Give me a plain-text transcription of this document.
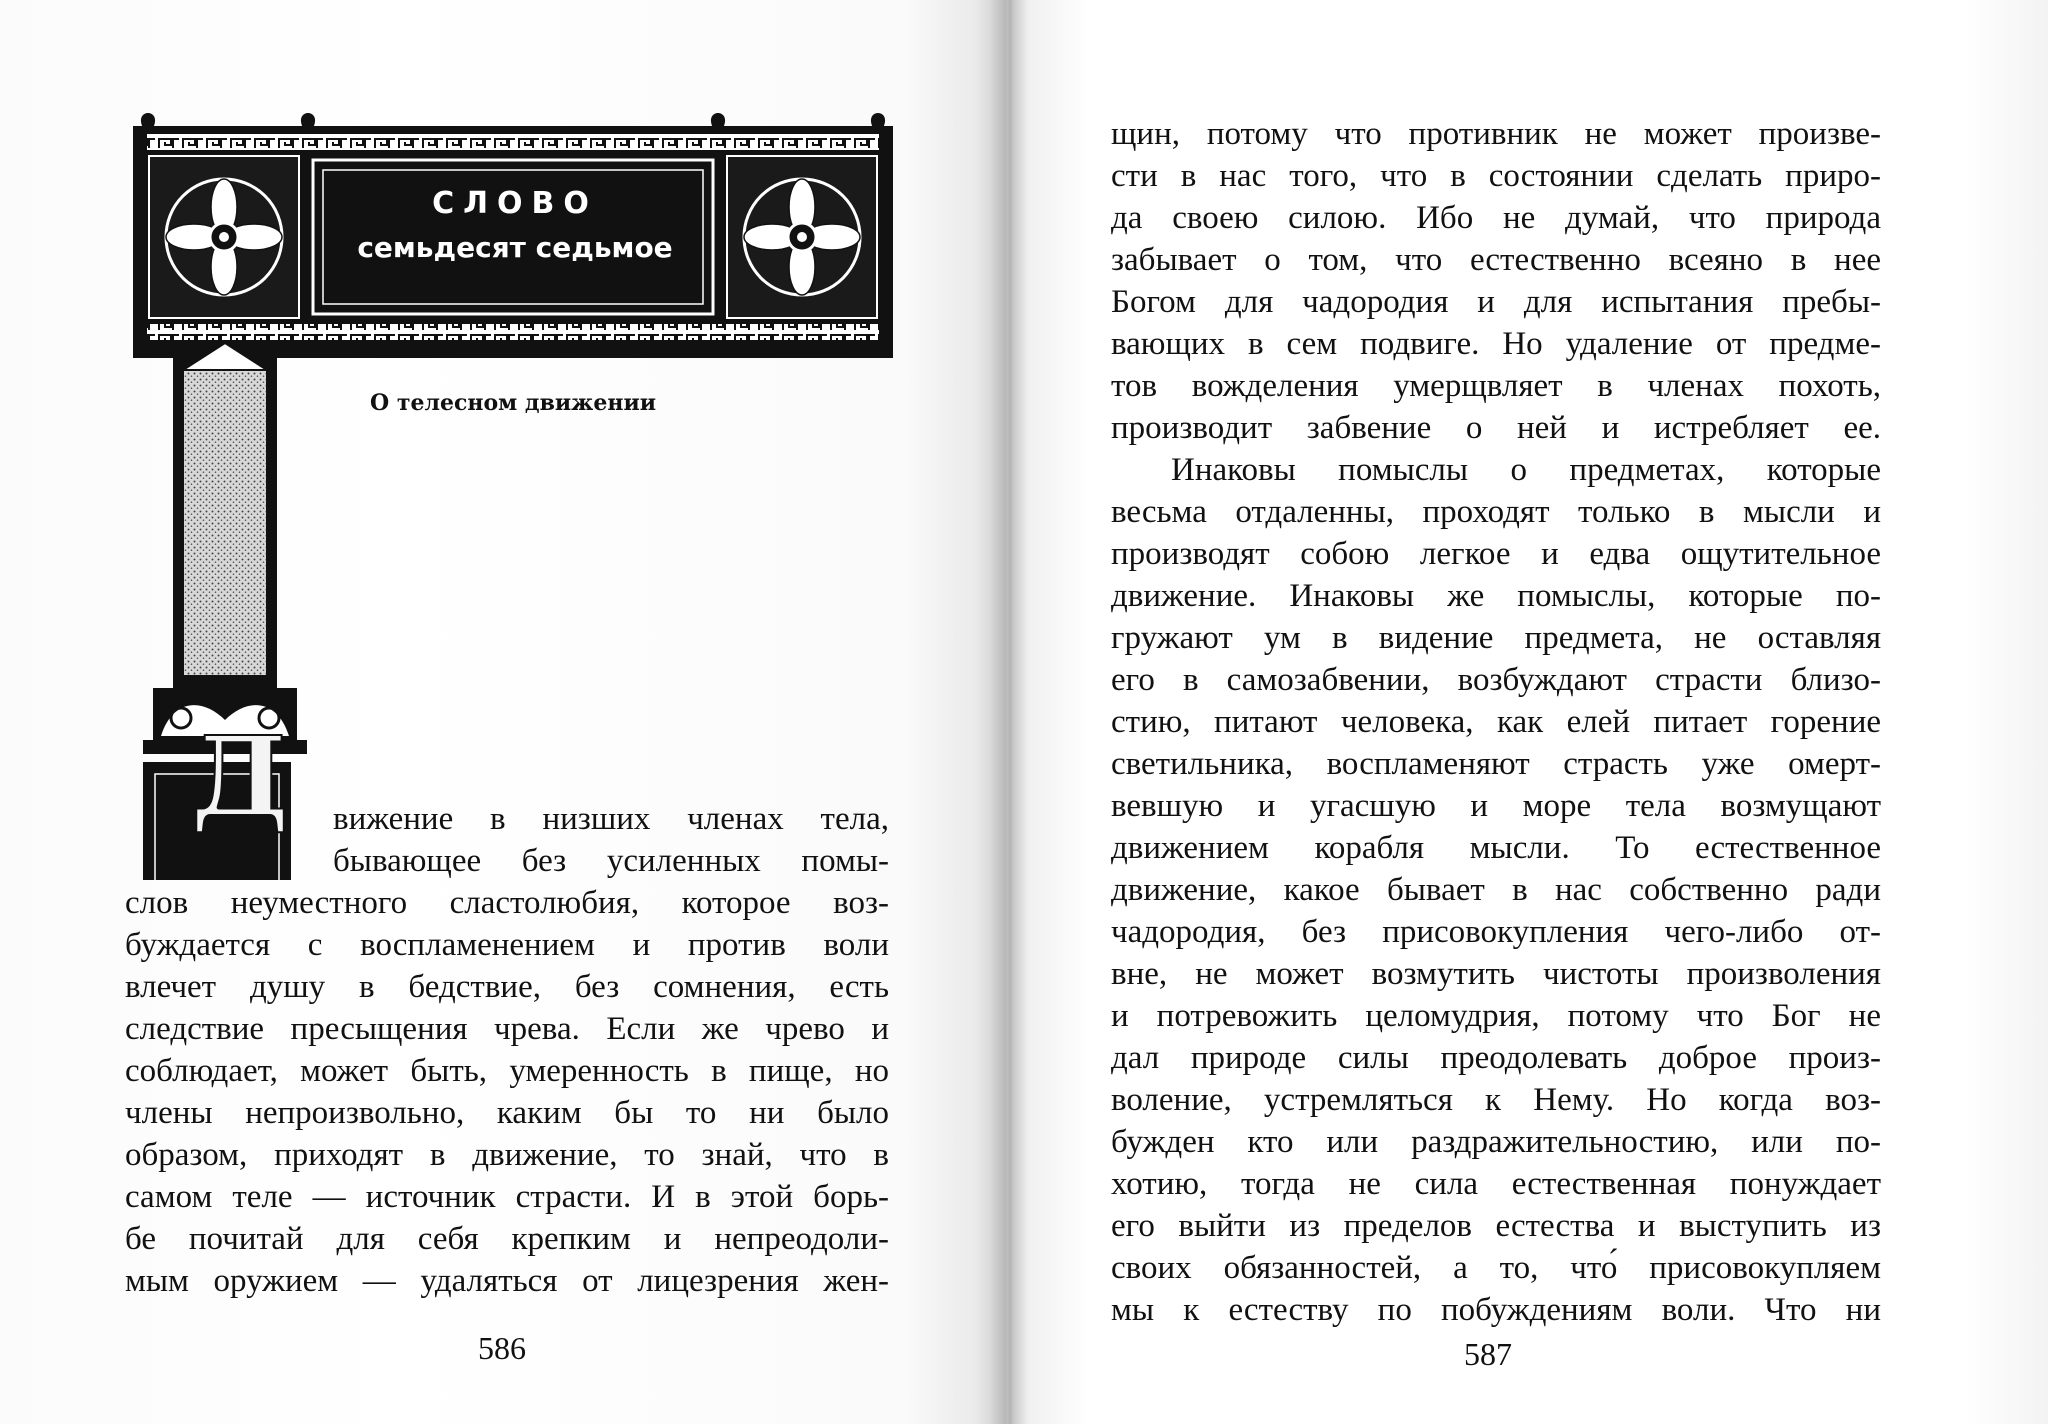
СЛОВО
семьдесят седьмое
О телесном движении
Д вижение в низших членах тела,
бывающее без усиленных помы-
слов неуместного сластолюбия, которое воз-
буждается с воспламенением и против воли
влечет душу в бедствие, без сомнения, есть
следствие пресыщения чрева. Если же чрево и
соблюдает, может быть, умеренность в пище, но
члены непроизвольно, каким бы то ни было
образом, приходят в движение, то знай, что в
самом теле — источник страсти. И в этой борь-
бе почитай для себя крепким и непреодоли-
мым оружием — удаляться от лицезрения жен-
586
щин, потому что противник не может произве-
сти в нас того, что в состоянии сделать приро-
да своею силою. Ибо не думай, что природа
забывает о том, что естественно всеяно в нее
Богом для чадородия и для испытания пребы-
вающих в сем подвиге. Но удаление от предме-
тов вожделения умерщвляет в членах похоть,
производит забвение о ней и истребляет ее.
Инаковы помыслы о предметах, которые
весьма отдаленны, проходят только в мысли и
производят собою легкое и едва ощутительное
движение. Инаковы же помыслы, которые по-
гружают ум в видение предмета, не оставляя
его в самозабвении, возбуждают страсти близо-
стию, питают человека, как елей питает горение
светильника, воспламеняют страсть уже омерт-
вевшую и угасшую и море тела возмущают
движением корабля мысли. То естественное
движение, какое бывает в нас собственно ради
чадородия, без присовокупления чего-либо от-
вне, не может возмутить чистоты произволения
и потревожить целомудрия, потому что Бог не
дал природе силы преодолевать доброе произ-
воление, устремляться к Нему. Но когда воз-
бужден кто или раздражительностию, или по-
хотию, тогда не сила естественная понуждает
его выйти из пределов естества и выступить из
своих обязанностей, а то, что́ присовокупляем
мы к естеству по побуждениям воли. Что ни
587
